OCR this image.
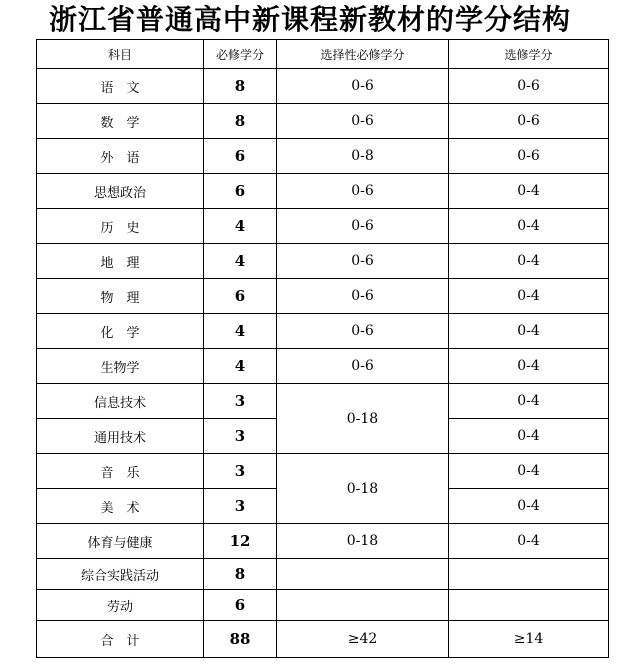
浙江省普通高中新课程新教材的学分结构
科目	必修学分	选择性必修学分	选修学分
语　文	8	0-6	0-6
数　学	8	0-6	0-6
外　语	6	0-8	0-6
思想政治	6	0-6	0-4
历　史	4	0-6	0-4
地　理	4	0-6	0-4
物　理	6	0-6	0-4
化　学	4	0-6	0-4
生物学	4	0-6	0-4
信息技术	3	0-18	0-4
通用技术	3		0-4
音　乐	3	0-18	0-4
美　术	3		0-4
体育与健康	12	0-18	0-4
综合实践活动	8		
劳动	6		
合　计	88	≥42	≥14
